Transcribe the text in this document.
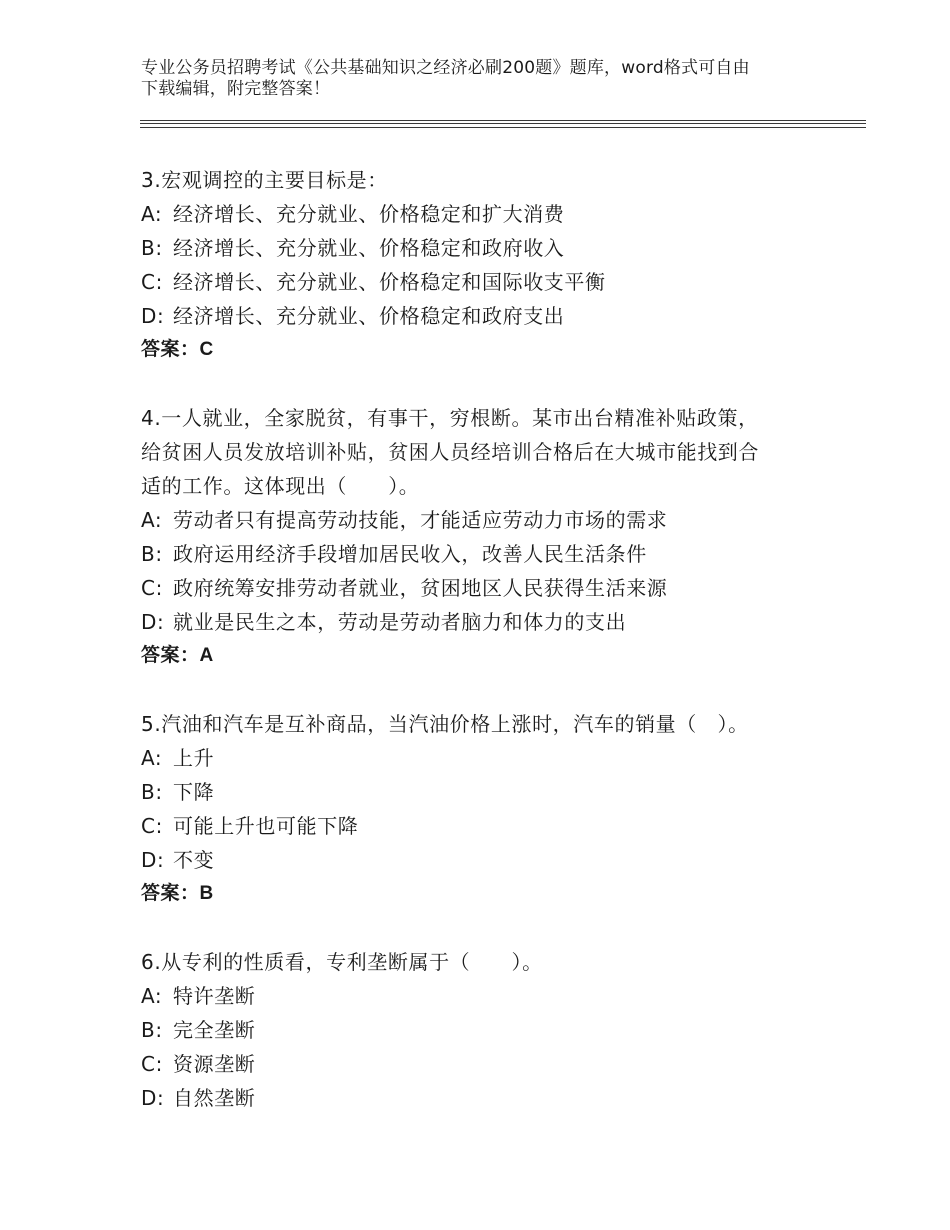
专业公务员招聘考试《公共基础知识之经济必刷200题》题库，word格式可自由
下载编辑，附完整答案！
3.宏观调控的主要目标是：
A: 经济增长、充分就业、价格稳定和扩大消费
B: 经济增长、充分就业、价格稳定和政府收入
C: 经济增长、充分就业、价格稳定和国际收支平衡
D: 经济增长、充分就业、价格稳定和政府支出
答案：C
4.一人就业，全家脱贫，有事干，穷根断。某市出台精准补贴政策，
给贫困人员发放培训补贴，贫困人员经培训合格后在大城市能找到合
适的工作。这体现出（　　）。
A: 劳动者只有提高劳动技能，才能适应劳动力市场的需求
B: 政府运用经济手段增加居民收入，改善人民生活条件
C: 政府统筹安排劳动者就业，贫困地区人民获得生活来源
D: 就业是民生之本，劳动是劳动者脑力和体力的支出
答案：A
5.汽油和汽车是互补商品，当汽油价格上涨时，汽车的销量（　）。
A: 上升
B: 下降
C: 可能上升也可能下降
D: 不变
答案：B
6.从专利的性质看，专利垄断属于（　　）。
A: 特许垄断
B: 完全垄断
C: 资源垄断
D: 自然垄断
